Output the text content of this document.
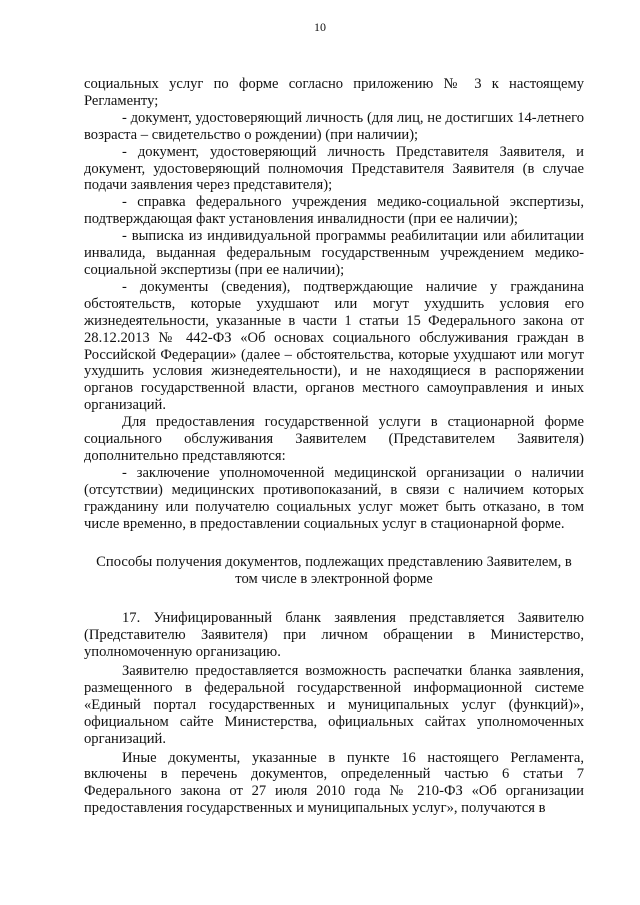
10

социальных услуг по форме согласно приложению № 3 к настоящему Регламенту;

- документ, удостоверяющий личность (для лиц, не достигших 14-летнего возраста – свидетельство о рождении) (при наличии);

- документ, удостоверяющий личность Представителя Заявителя, и документ, удостоверяющий полномочия Представителя Заявителя (в случае подачи заявления через представителя);

- справка федерального учреждения медико-социальной экспертизы, подтверждающая факт установления инвалидности (при ее наличии);

- выписка из индивидуальной программы реабилитации или абилитации инвалида, выданная федеральным государственным учреждением медико-социальной экспертизы (при ее наличии);

- документы (сведения), подтверждающие наличие у гражданина обстоятельств, которые ухудшают или могут ухудшить условия его жизнедеятельности, указанные в части 1 статьи 15 Федерального закона от 28.12.2013 № 442-ФЗ «Об основах социального обслуживания граждан в Российской Федерации» (далее – обстоятельства, которые ухудшают или могут ухудшить условия жизнедеятельности), и не находящиеся в распоряжении органов государственной власти, органов местного самоуправления и иных организаций.

Для предоставления государственной услуги в стационарной форме социального обслуживания Заявителем (Представителем Заявителя) дополнительно представляются:

- заключение уполномоченной медицинской организации о наличии (отсутствии) медицинских противопоказаний, в связи с наличием которых гражданину или получателю социальных услуг может быть отказано, в том числе временно, в предоставлении социальных услуг в стационарной форме.

Способы получения документов, подлежащих представлению Заявителем, в том числе в электронной форме

17. Унифицированный бланк заявления представляется Заявителю (Представителю Заявителя) при личном обращении в Министерство, уполномоченную организацию.

Заявителю предоставляется возможность распечатки бланка заявления, размещенного в федеральной государственной информационной системе «Единый портал государственных и муниципальных услуг (функций)», официальном сайте Министерства, официальных сайтах уполномоченных организаций.

Иные документы, указанные в пункте 16 настоящего Регламента, включены в перечень документов, определенный частью 6 статьи 7 Федерального закона от 27 июля 2010 года № 210-ФЗ «Об организации предоставления государственных и муниципальных услуг», получаются в
